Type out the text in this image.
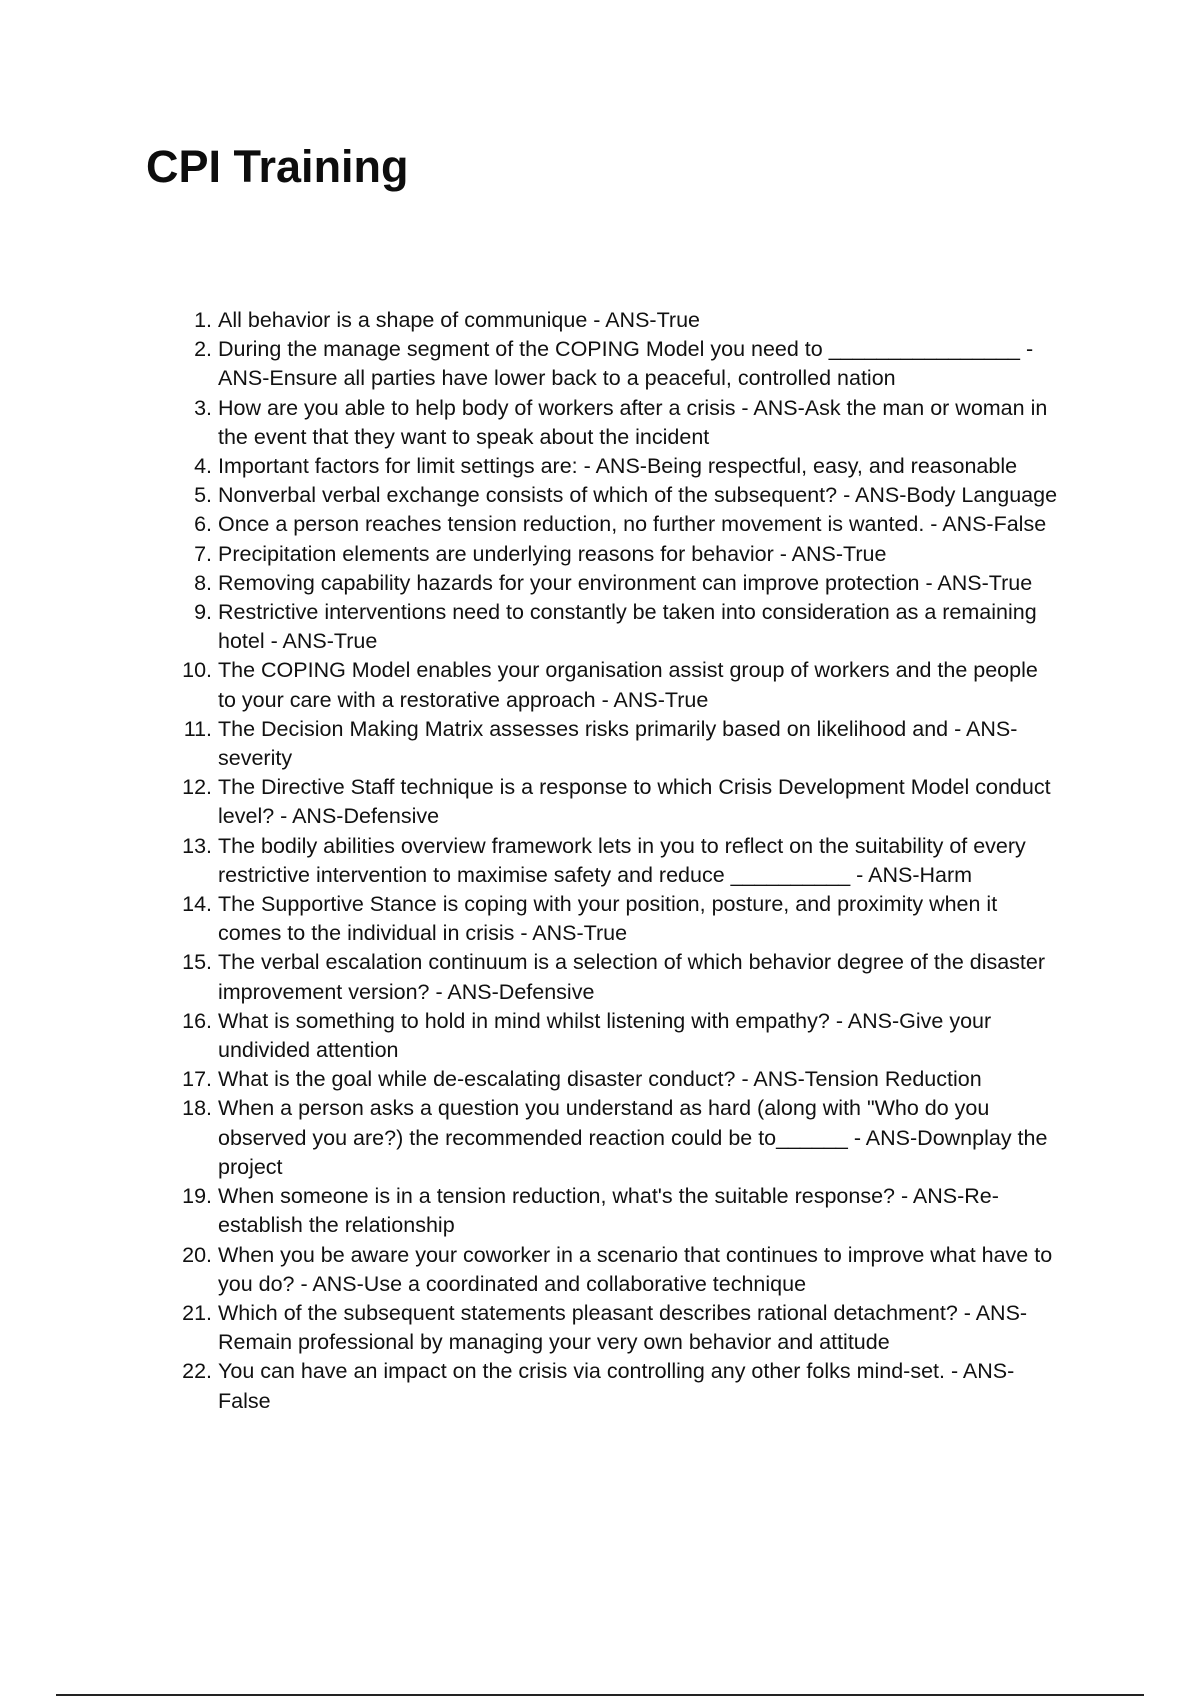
CPI Training
1. All behavior is a shape of communique - ANS-True
2. During the manage segment of the COPING Model you need to ________________ - ANS-Ensure all parties have lower back to a peaceful, controlled nation
3. How are you able to help body of workers after a crisis - ANS-Ask the man or woman in the event that they want to speak about the incident
4. Important factors for limit settings are: - ANS-Being respectful, easy, and reasonable
5. Nonverbal verbal exchange consists of which of the subsequent? - ANS-Body Language
6. Once a person reaches tension reduction, no further movement is wanted. - ANS-False
7. Precipitation elements are underlying reasons for behavior - ANS-True
8. Removing capability hazards for your environment can improve protection - ANS-True
9. Restrictive interventions need to constantly be taken into consideration as a remaining hotel - ANS-True
10. The COPING Model enables your organisation assist group of workers and the people to your care with a restorative approach - ANS-True
11. The Decision Making Matrix assesses risks primarily based on likelihood and - ANS-severity
12. The Directive Staff technique is a response to which Crisis Development Model conduct level? - ANS-Defensive
13. The bodily abilities overview framework lets in you to reflect on the suitability of every restrictive intervention to maximise safety and reduce __________ - ANS-Harm
14. The Supportive Stance is coping with your position, posture, and proximity when it comes to the individual in crisis - ANS-True
15. The verbal escalation continuum is a selection of which behavior degree of the disaster improvement version? - ANS-Defensive
16. What is something to hold in mind whilst listening with empathy? - ANS-Give your undivided attention
17. What is the goal while de-escalating disaster conduct? - ANS-Tension Reduction
18. When a person asks a question you understand as hard (along with "Who do you observed you are?) the recommended reaction could be to______ - ANS-Downplay the project
19. When someone is in a tension reduction, what's the suitable response? - ANS-Re-establish the relationship
20. When you be aware your coworker in a scenario that continues to improve what have to you do? - ANS-Use a coordinated and collaborative technique
21. Which of the subsequent statements pleasant describes rational detachment? - ANS-Remain professional by managing your very own behavior and attitude
22. You can have an impact on the crisis via controlling any other folks mind-set. - ANS-False
